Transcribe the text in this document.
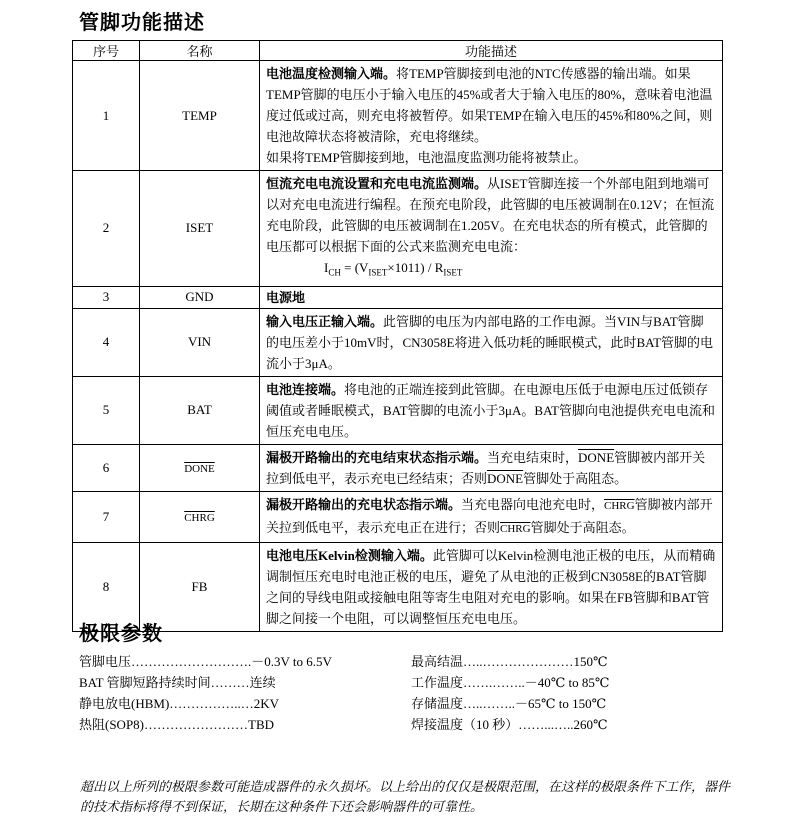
管脚功能描述
序号	名称	功能描述
1	TEMP	电池温度检测输入端。将TEMP管脚接到电池的NTC传感器的输出端。如果TEMP管脚的电压小于输入电压的45%或者大于输入电压的80%，意味着电池温度过低或过高，则充电将被暂停。如果TEMP在输入电压的45%和80%之间，则电池故障状态将被清除，充电将继续。
如果将TEMP管脚接到地，电池温度监测功能将被禁止。
2	ISET	恒流充电电流设置和充电电流监测端。从ISET管脚连接一个外部电阻到地端可以对充电电流进行编程。在预充电阶段，此管脚的电压被调制在0.12V；在恒流充电阶段，此管脚的电压被调制在1.205V。在充电状态的所有模式，此管脚的电压都可以根据下面的公式来监测充电电流：
$I_{CH} = (V_{ISET}\times 1011) / R_{ISET}$
3	GND	电源地
4	VIN	输入电压正输入端。此管脚的电压为内部电路的工作电源。当VIN与BAT管脚的电压差小于10mV时，CN3058E将进入低功耗的睡眠模式，此时BAT管脚的电流小于3μA。
5	BAT	电池连接端。将电池的正端连接到此管脚。在电源电压低于电源电压过低锁存阈值或者睡眠模式，BAT管脚的电流小于3μA。BAT管脚向电池提供充电电流和恒压充电电压。
6	DONE	漏极开路输出的充电结束状态指示端。当充电结束时，DONE管脚被内部开关拉到低电平，表示充电已经结束；否则DONE管脚处于高阻态。
7	CHRG	漏极开路输出的充电状态指示端。当充电器向电池充电时，CHRG管脚被内部开关拉到低电平，表示充电正在进行；否则CHRG管脚处于高阻态。
8	FB	电池电压Kelvin检测输入端。此管脚可以Kelvin检测电池正极的电压，从而精确调制恒压充电时电池正极的电压，避免了从电池的正极到CN3058E的BAT管脚之间的导线电阻或接触电阻等寄生电阻对充电的影响。如果在FB管脚和BAT管脚之间接一个电阻，可以调整恒压充电电压。
极限参数
管脚电压……………………….－0.3V to 6.5V
BAT 管脚短路持续时间………连续
静电放电(HBM)……………..…2KV
热阻(SOP8)……………………TBD
最高结温…..…………………150℃
工作温度…….……..－40℃ to 85℃
存储温度…..……..－65℃ to 150℃
焊接温度（10 秒）……...…..260℃
超出以上所列的极限参数可能造成器件的永久损坏。以上给出的仅仅是极限范围，在这样的极限条件下工作，器件的技术指标将得不到保证，长期在这种条件下还会影响器件的可靠性。
